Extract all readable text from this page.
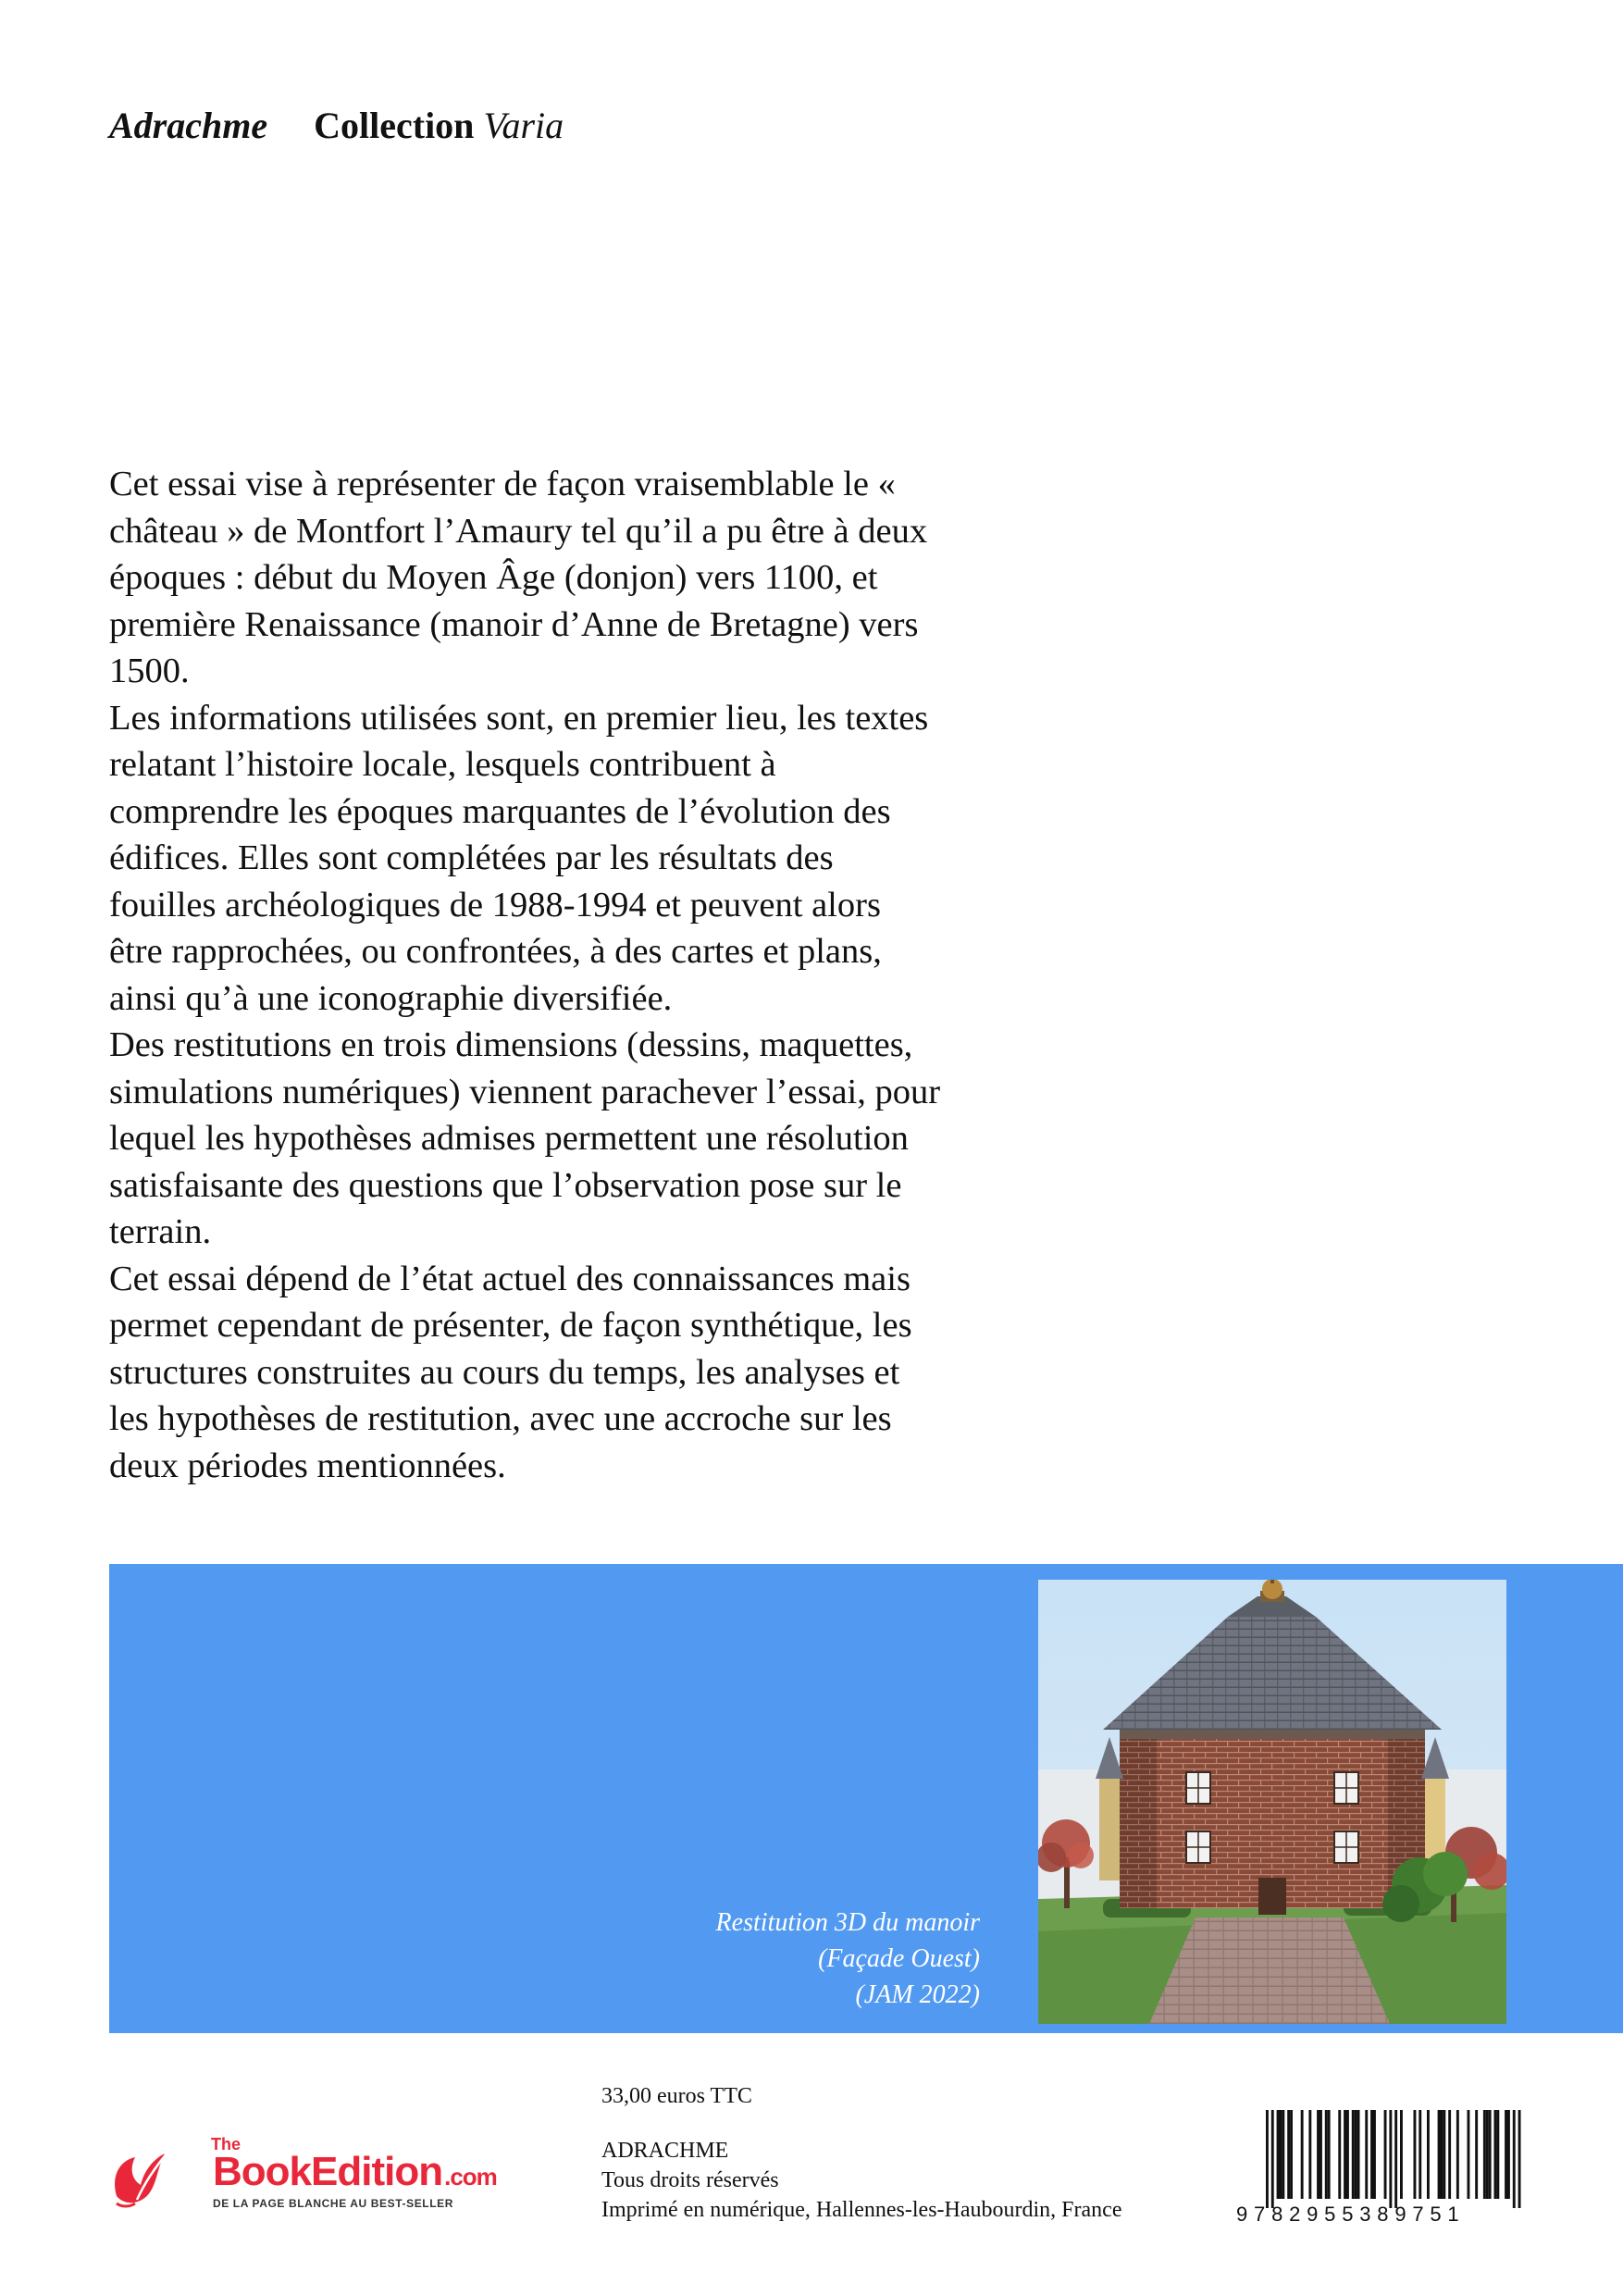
Adrachme Collection Varia

Cet essai vise à représenter de façon vraisemblable le « château » de Montfort l’Amaury tel qu’il a pu être à deux époques : début du Moyen Âge (donjon) vers 1100, et première Renaissance (manoir d’Anne de Bretagne) vers 1500.

Les informations utilisées sont, en premier lieu, les textes relatant l’histoire locale, lesquels contribuent à comprendre les époques marquantes de l’évolution des édifices. Elles sont complétées par les résultats des fouilles archéologiques de 1988-1994 et peuvent alors être rapprochées, ou confrontées, à des cartes et plans, ainsi qu’à une iconographie diversifiée.

Des restitutions en trois dimensions (dessins, maquettes, simulations numériques) viennent parachever l’essai, pour lequel les hypothèses admises permettent une résolution satisfaisante des questions que l’observation pose sur le terrain.

Cet essai dépend de l’état actuel des connaissances mais permet cependant de présenter, de façon synthétique, les structures construites au cours du temps, les analyses et les hypothèses de restitution, avec une accroche sur les deux périodes mentionnées.

Restitution 3D du manoir
(Façade Ouest)
(JAM 2022)
The
BookEdition.com
DE LA PAGE BLANCHE AU BEST-SELLER
33,00 euros TTC
ADRACHME
Tous droits réservés
Imprimé en numérique, Hallennes-les-Haubourdin, France	9782955389751
